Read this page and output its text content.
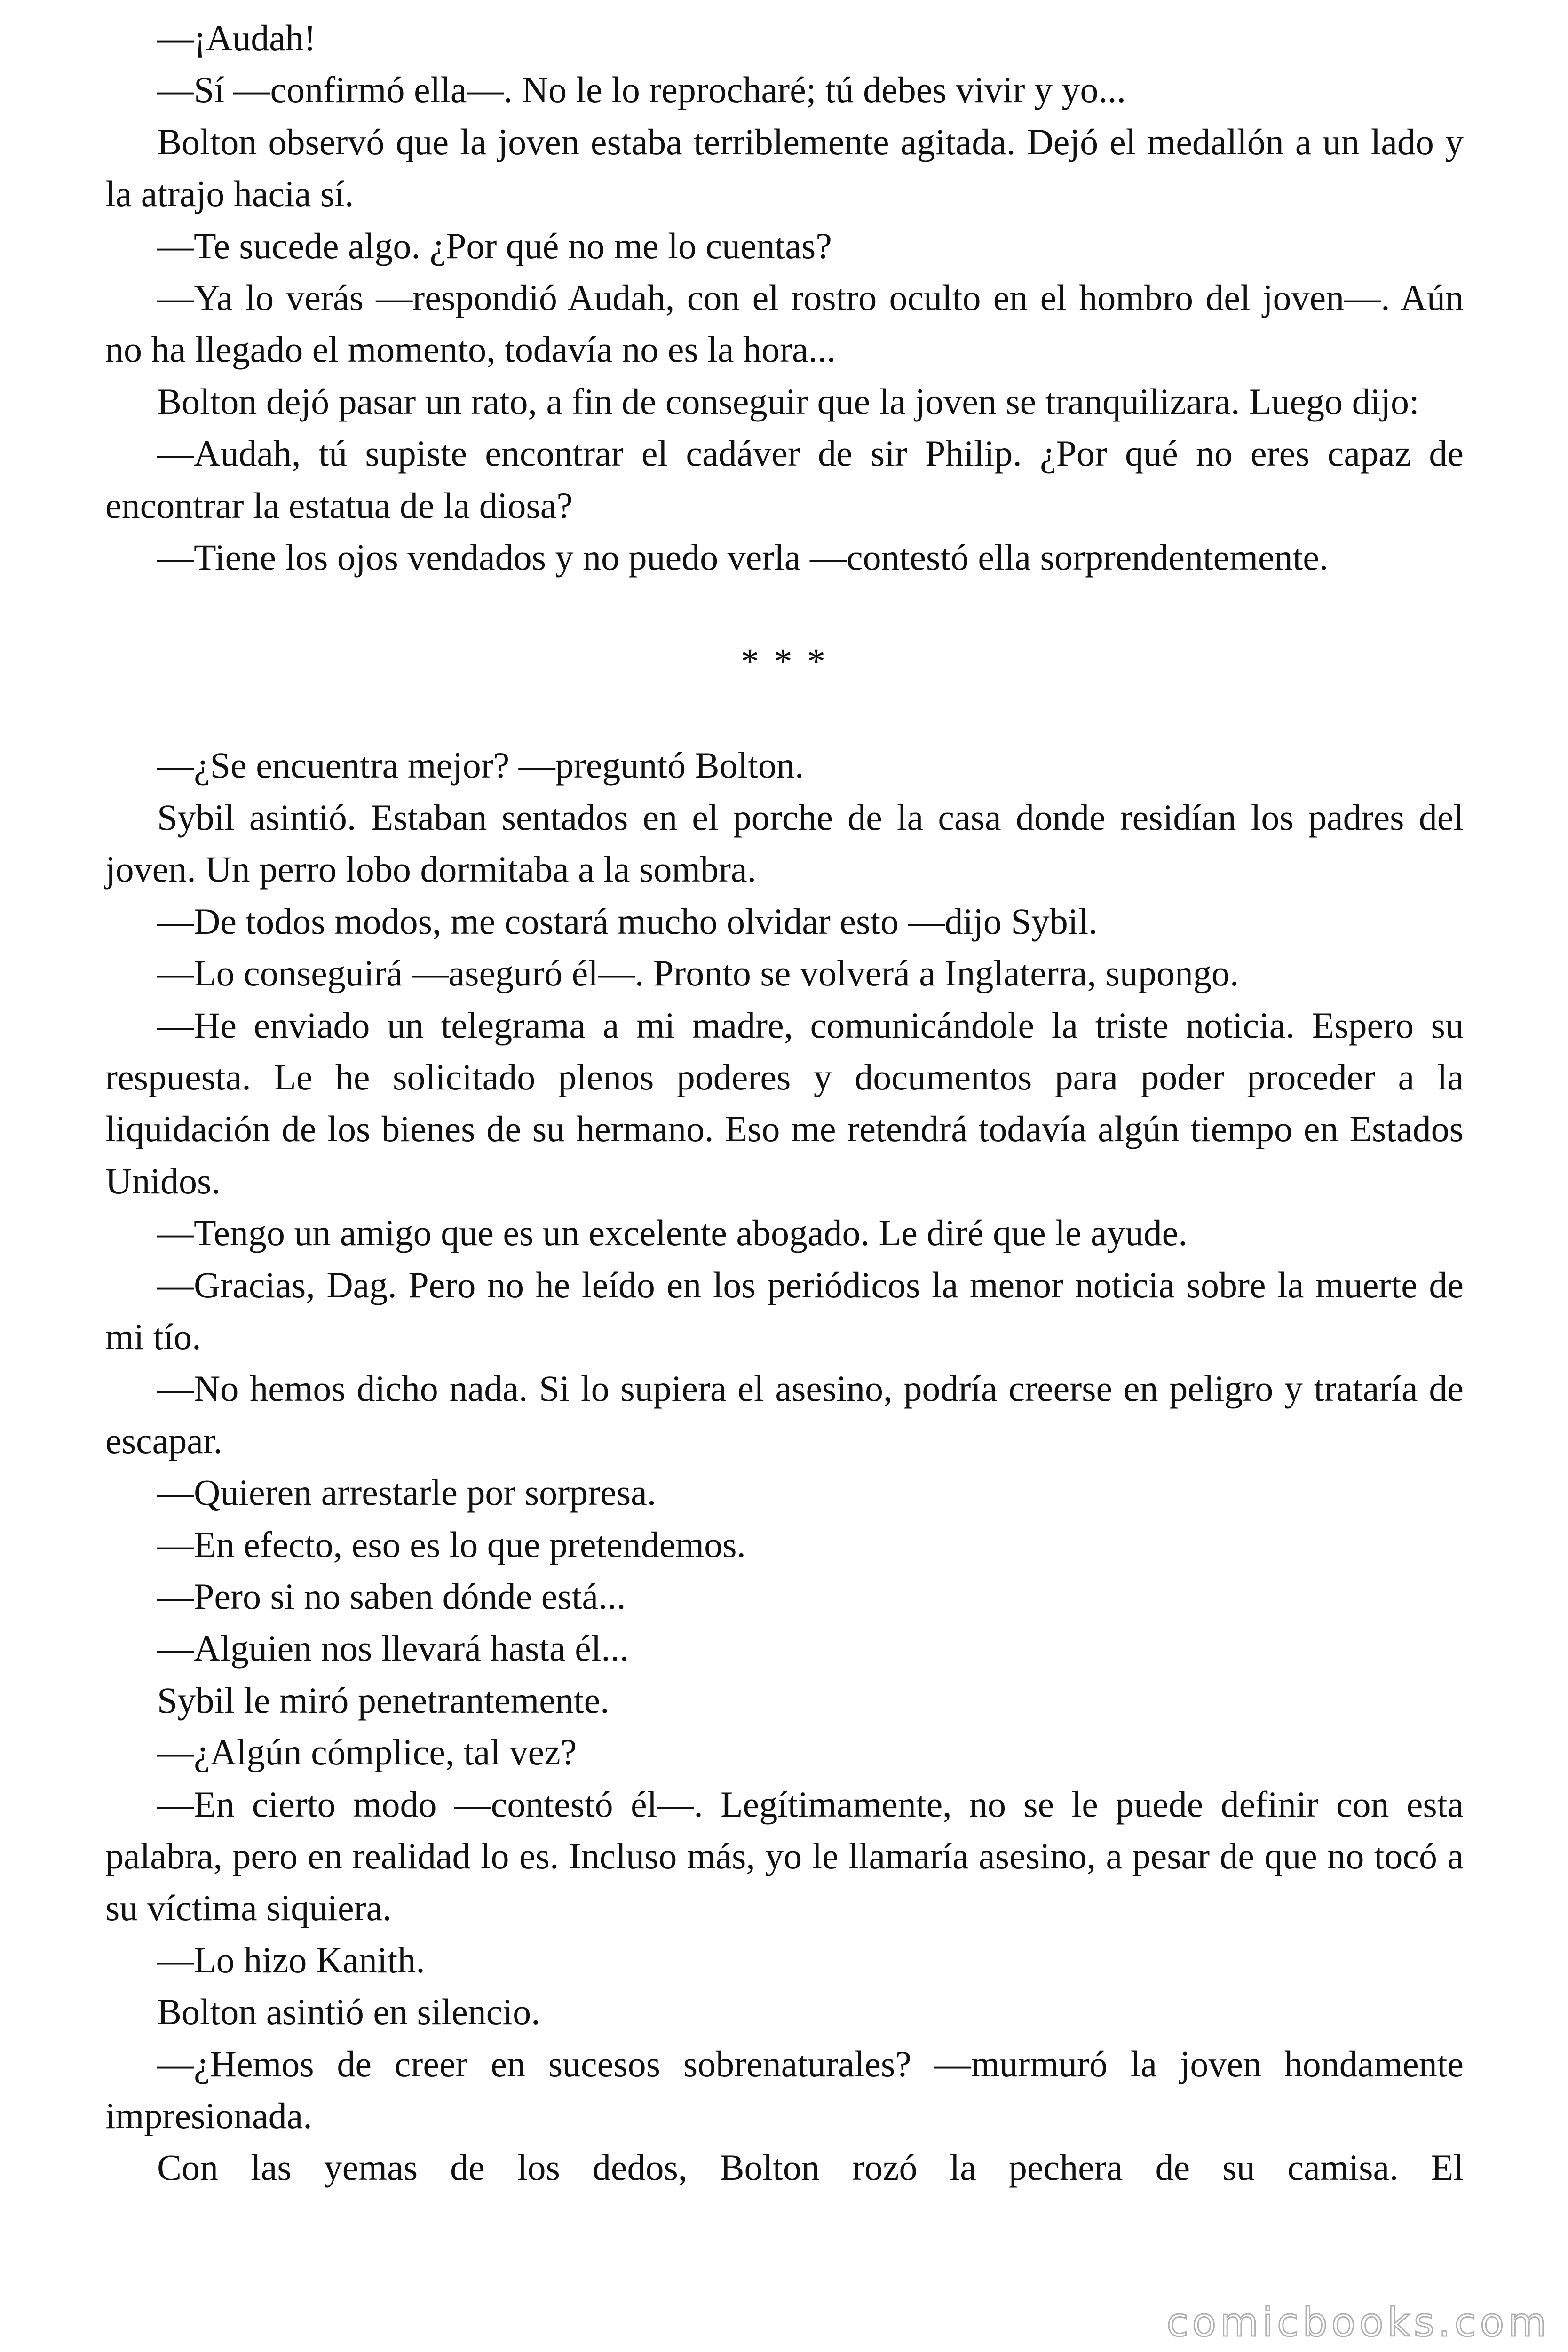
—¡Audah!

—Sí —confirmó ella—. No le lo reprocharé; tú debes vivir y yo...

Bolton observó que la joven estaba terriblemente agitada. Dejó el medallón a un lado y la atrajo hacia sí.

—Te sucede algo. ¿Por qué no me lo cuentas?

—Ya lo verás —respondió Audah, con el rostro oculto en el hombro del joven—. Aún no ha llegado el momento, todavía no es la hora...

Bolton dejó pasar un rato, a fin de conseguir que la joven se tranquilizara. Luego dijo:

—Audah, tú supiste encontrar el cadáver de sir Philip. ¿Por qué no eres capaz de encontrar la estatua de la diosa?

—Tiene los ojos vendados y no puedo verla —contestó ella sorprendentemente.

* * *

—¿Se encuentra mejor? —preguntó Bolton.

Sybil asintió. Estaban sentados en el porche de la casa donde residían los padres del joven. Un perro lobo dormitaba a la sombra.

—De todos modos, me costará mucho olvidar esto —dijo Sybil.

—Lo conseguirá —aseguró él—. Pronto se volverá a Inglaterra, supongo.

—He enviado un telegrama a mi madre, comunicándole la triste noticia. Espero su respuesta. Le he solicitado plenos poderes y documentos para poder proceder a la liquidación de los bienes de su hermano. Eso me retendrá todavía algún tiempo en Estados Unidos.

—Tengo un amigo que es un excelente abogado. Le diré que le ayude.

—Gracias, Dag. Pero no he leído en los periódicos la menor noticia sobre la muerte de mi tío.

—No hemos dicho nada. Si lo supiera el asesino, podría creerse en peligro y trataría de escapar.

—Quieren arrestarle por sorpresa.

—En efecto, eso es lo que pretendemos.

—Pero si no saben dónde está...

—Alguien nos llevará hasta él...

Sybil le miró penetrantemente.

—¿Algún cómplice, tal vez?

—En cierto modo —contestó él—. Legítimamente, no se le puede definir con esta palabra, pero en realidad lo es. Incluso más, yo le llamaría asesino, a pesar de que no tocó a su víctima siquiera.

—Lo hizo Kanith.

Bolton asintió en silencio.

—¿Hemos de creer en sucesos sobrenaturales? —murmuró la joven hondamente impresionada.

Con las yemas de los dedos, Bolton rozó la pechera de su camisa. El

comicbooks.com
